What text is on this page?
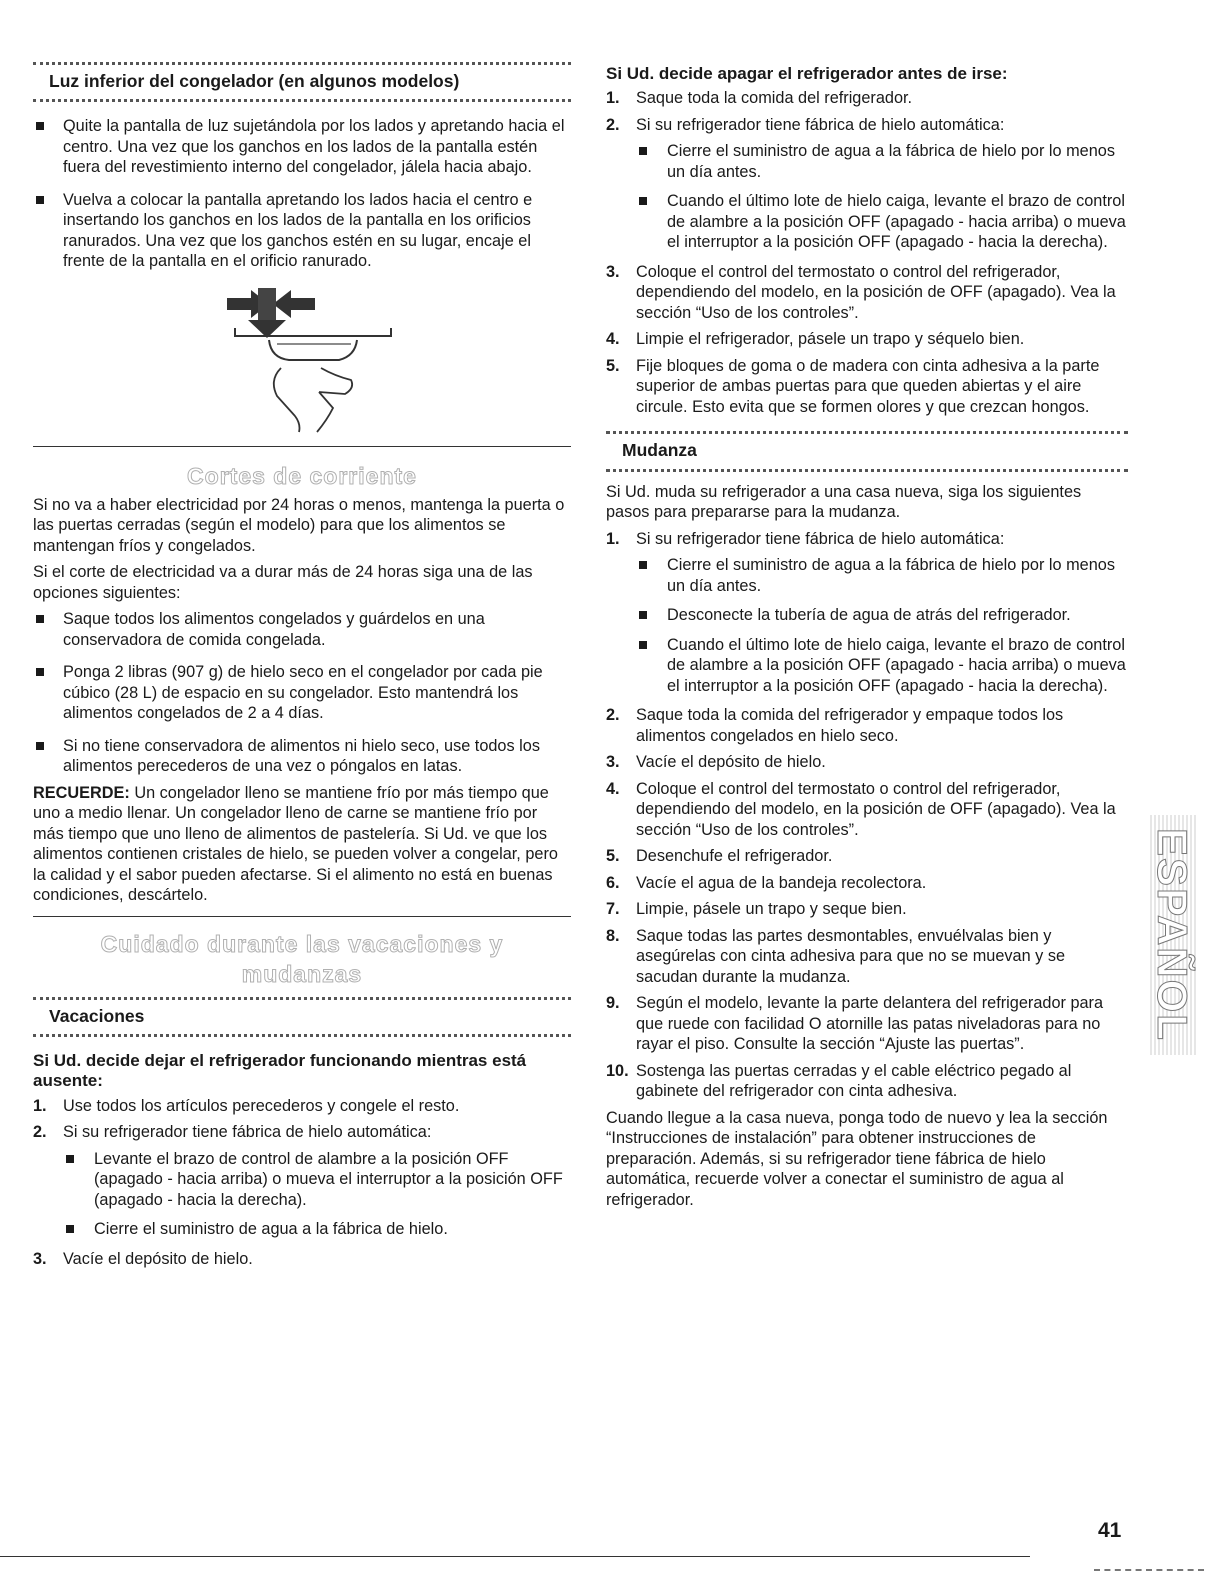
Luz inferior del congelador (en algunos modelos)
Quite la pantalla de luz sujetándola por los lados y apretando hacia el centro. Una vez que los ganchos en los lados de la pantalla estén fuera del revestimiento interno del congelador, jálela hacia abajo.
Vuelva a colocar la pantalla apretando los lados hacia el centro e insertando los ganchos en los lados de la pantalla en los orificios ranurados. Una vez que los ganchos estén en su lugar, encaje el frente de la pantalla en el orificio ranurado.
Cortes de corriente

Si no va a haber electricidad por 24 horas o menos, mantenga la puerta o las puertas cerradas (según el modelo) para que los alimentos se mantengan fríos y congelados.

Si el corte de electricidad va a durar más de 24 horas siga una de las opciones siguientes:

Saque todos los alimentos congelados y guárdelos en una conservadora de comida congelada.
Ponga 2 libras (907 g) de hielo seco en el congelador por cada pie cúbico (28 L) de espacio en su congelador. Esto mantendrá los alimentos congelados de 2 a 4 días.
Si no tiene conservadora de alimentos ni hielo seco, use todos los alimentos perecederos de una vez o póngalos en latas.

RECUERDE: Un congelador lleno se mantiene frío por más tiempo que uno a medio llenar. Un congelador lleno de carne se mantiene frío por más tiempo que uno lleno de alimentos de pastelería. Si Ud. ve que los alimentos contienen cristales de hielo, se pueden volver a congelar, pero la calidad y el sabor pueden afectarse. Si el alimento no está en buenas condiciones, descártelo.

Cuidado durante las vacaciones y mudanzas
Vacaciones
Si Ud. decide dejar el refrigerador funcionando mientras está ausente:
1. Use todos los artículos perecederos y congele el resto.
2. Si su refrigerador tiene fábrica de hielo automática:
Levante el brazo de control de alambre a la posición OFF (apagado - hacia arriba) o mueva el interruptor a la posición OFF (apagado - hacia la derecha).
Cierre el suministro de agua a la fábrica de hielo.
3. Vacíe el depósito de hielo.
Si Ud. decide apagar el refrigerador antes de irse:
1. Saque toda la comida del refrigerador.
2. Si su refrigerador tiene fábrica de hielo automática:
Cierre el suministro de agua a la fábrica de hielo por lo menos un día antes.
Cuando el último lote de hielo caiga, levante el brazo de control de alambre a la posición OFF (apagado - hacia arriba) o mueva el interruptor a la posición OFF (apagado - hacia la derecha).
3. Coloque el control del termostato o control del refrigerador, dependiendo del modelo, en la posición de OFF (apagado). Vea la sección “Uso de los controles”.
4. Limpie el refrigerador, pásele un trapo y séquelo bien.
5. Fije bloques de goma o de madera con cinta adhesiva a la parte superior de ambas puertas para que queden abiertas y el aire circule. Esto evita que se formen olores y que crezcan hongos.
Mudanza

Si Ud. muda su refrigerador a una casa nueva, siga los siguientes pasos para prepararse para la mudanza.

1. Si su refrigerador tiene fábrica de hielo automática:
Cierre el suministro de agua a la fábrica de hielo por lo menos un día antes.
Desconecte la tubería de agua de atrás del refrigerador.
Cuando el último lote de hielo caiga, levante el brazo de control de alambre a la posición OFF (apagado - hacia arriba) o mueva el interruptor a la posición OFF (apagado - hacia la derecha).
2. Saque toda la comida del refrigerador y empaque todos los alimentos congelados en hielo seco.
3. Vacíe el depósito de hielo.
4. Coloque el control del termostato o control del refrigerador, dependiendo del modelo, en la posición de OFF (apagado). Vea la sección “Uso de los controles”.
5. Desenchufe el refrigerador.
6. Vacíe el agua de la bandeja recolectora.
7. Limpie, pásele un trapo y seque bien.
8. Saque todas las partes desmontables, envuélvalas bien y asegúrelas con cinta adhesiva para que no se muevan y se sacudan durante la mudanza.
9. Según el modelo, levante la parte delantera del refrigerador para que ruede con facilidad O atornille las patas niveladoras para no rayar el piso. Consulte la sección “Ajuste las puertas”.
10. Sostenga las puertas cerradas y el cable eléctrico pegado al gabinete del refrigerador con cinta adhesiva.

Cuando llegue a la casa nueva, ponga todo de nuevo y lea la sección “Instrucciones de instalación” para obtener instrucciones de preparación. Además, si su refrigerador tiene fábrica de hielo automática, recuerde volver a conectar el suministro de agua al refrigerador.

ESPAÑOL
41
